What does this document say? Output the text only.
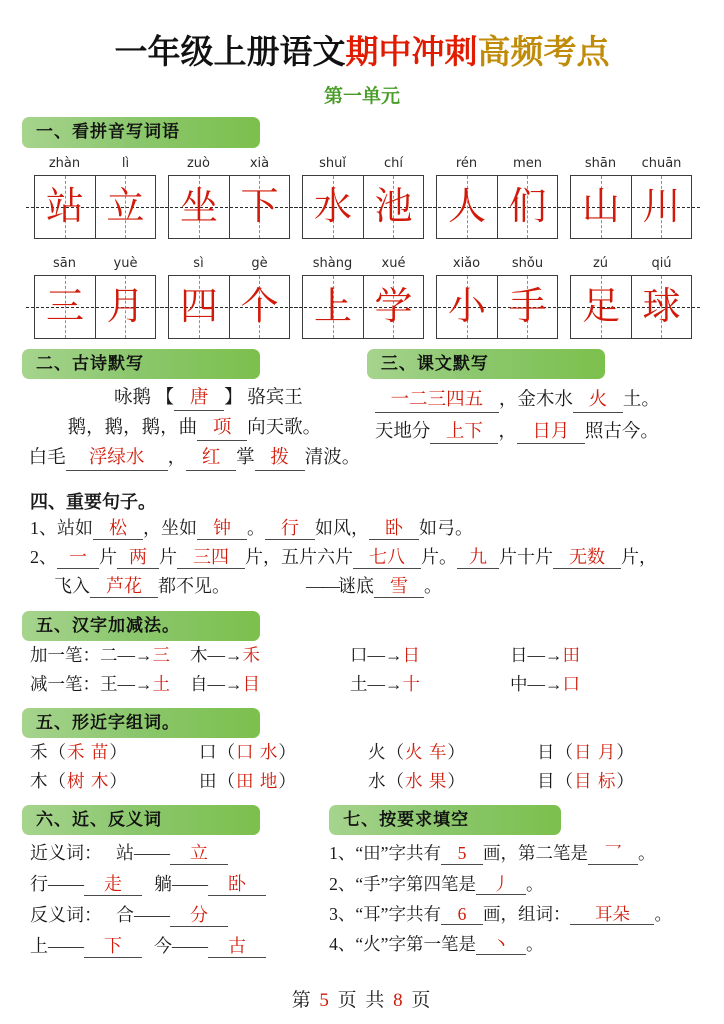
一年级上册语文期中冲刺高频考点
第一单元
一、看拼音写词语
zhàn	lì
站 立
zuò	xià
坐 下
shuǐ	chí
水 池
rén	men
人 们
shān	chuān
山 川
sān	yuè
三 月
sì	gè
四 个
shàng	xué
上 学
xiǎo	shǒu
小 手
zú	qiú
足 球
二、古诗默写
咏鹅 【 唐 】 骆宾王
鹅，鹅，鹅，曲 项 向天歌。
白毛 浮绿水 ， 红 掌 拨 清波。
三、课文默写
一二三四五 ，金木水 火 土。
天地分 上下 ， 日月 照古今。
四、重要句子。
1、站如 松 ，坐如 钟 。 行 如风， 卧 如弓。
2、 一 片 两 片 三四 片，五片六片 七八 片。 九 片十片 无数 片，
飞入 芦花 都不见。	——谜底 雪 。
五、汉字加减法。
加一笔：二—→三	木—→禾	口—→日	日—→田
减一笔：王—→土	自—→目	土—→十	中—→口
五、形近字组词。
禾（禾 苗）	口（口 水）	火（火 车）	日（日 月）
木（树 木）	田（田 地）	水（水 果）	目（目 标）
六、近、反义词
近义词： 站—— 立
行—— 走 躺—— 卧
反义词： 合—— 分
上—— 下 今—— 古
七、按要求填空
1、“田”字共有 5 画，第二笔是 乛 。
2、“手”字第四笔是 丿 。
3、“耳”字共有 6 画，组词： 耳朵 。
4、“火”字第一笔是 丶 。
第 5 页 共 8 页
